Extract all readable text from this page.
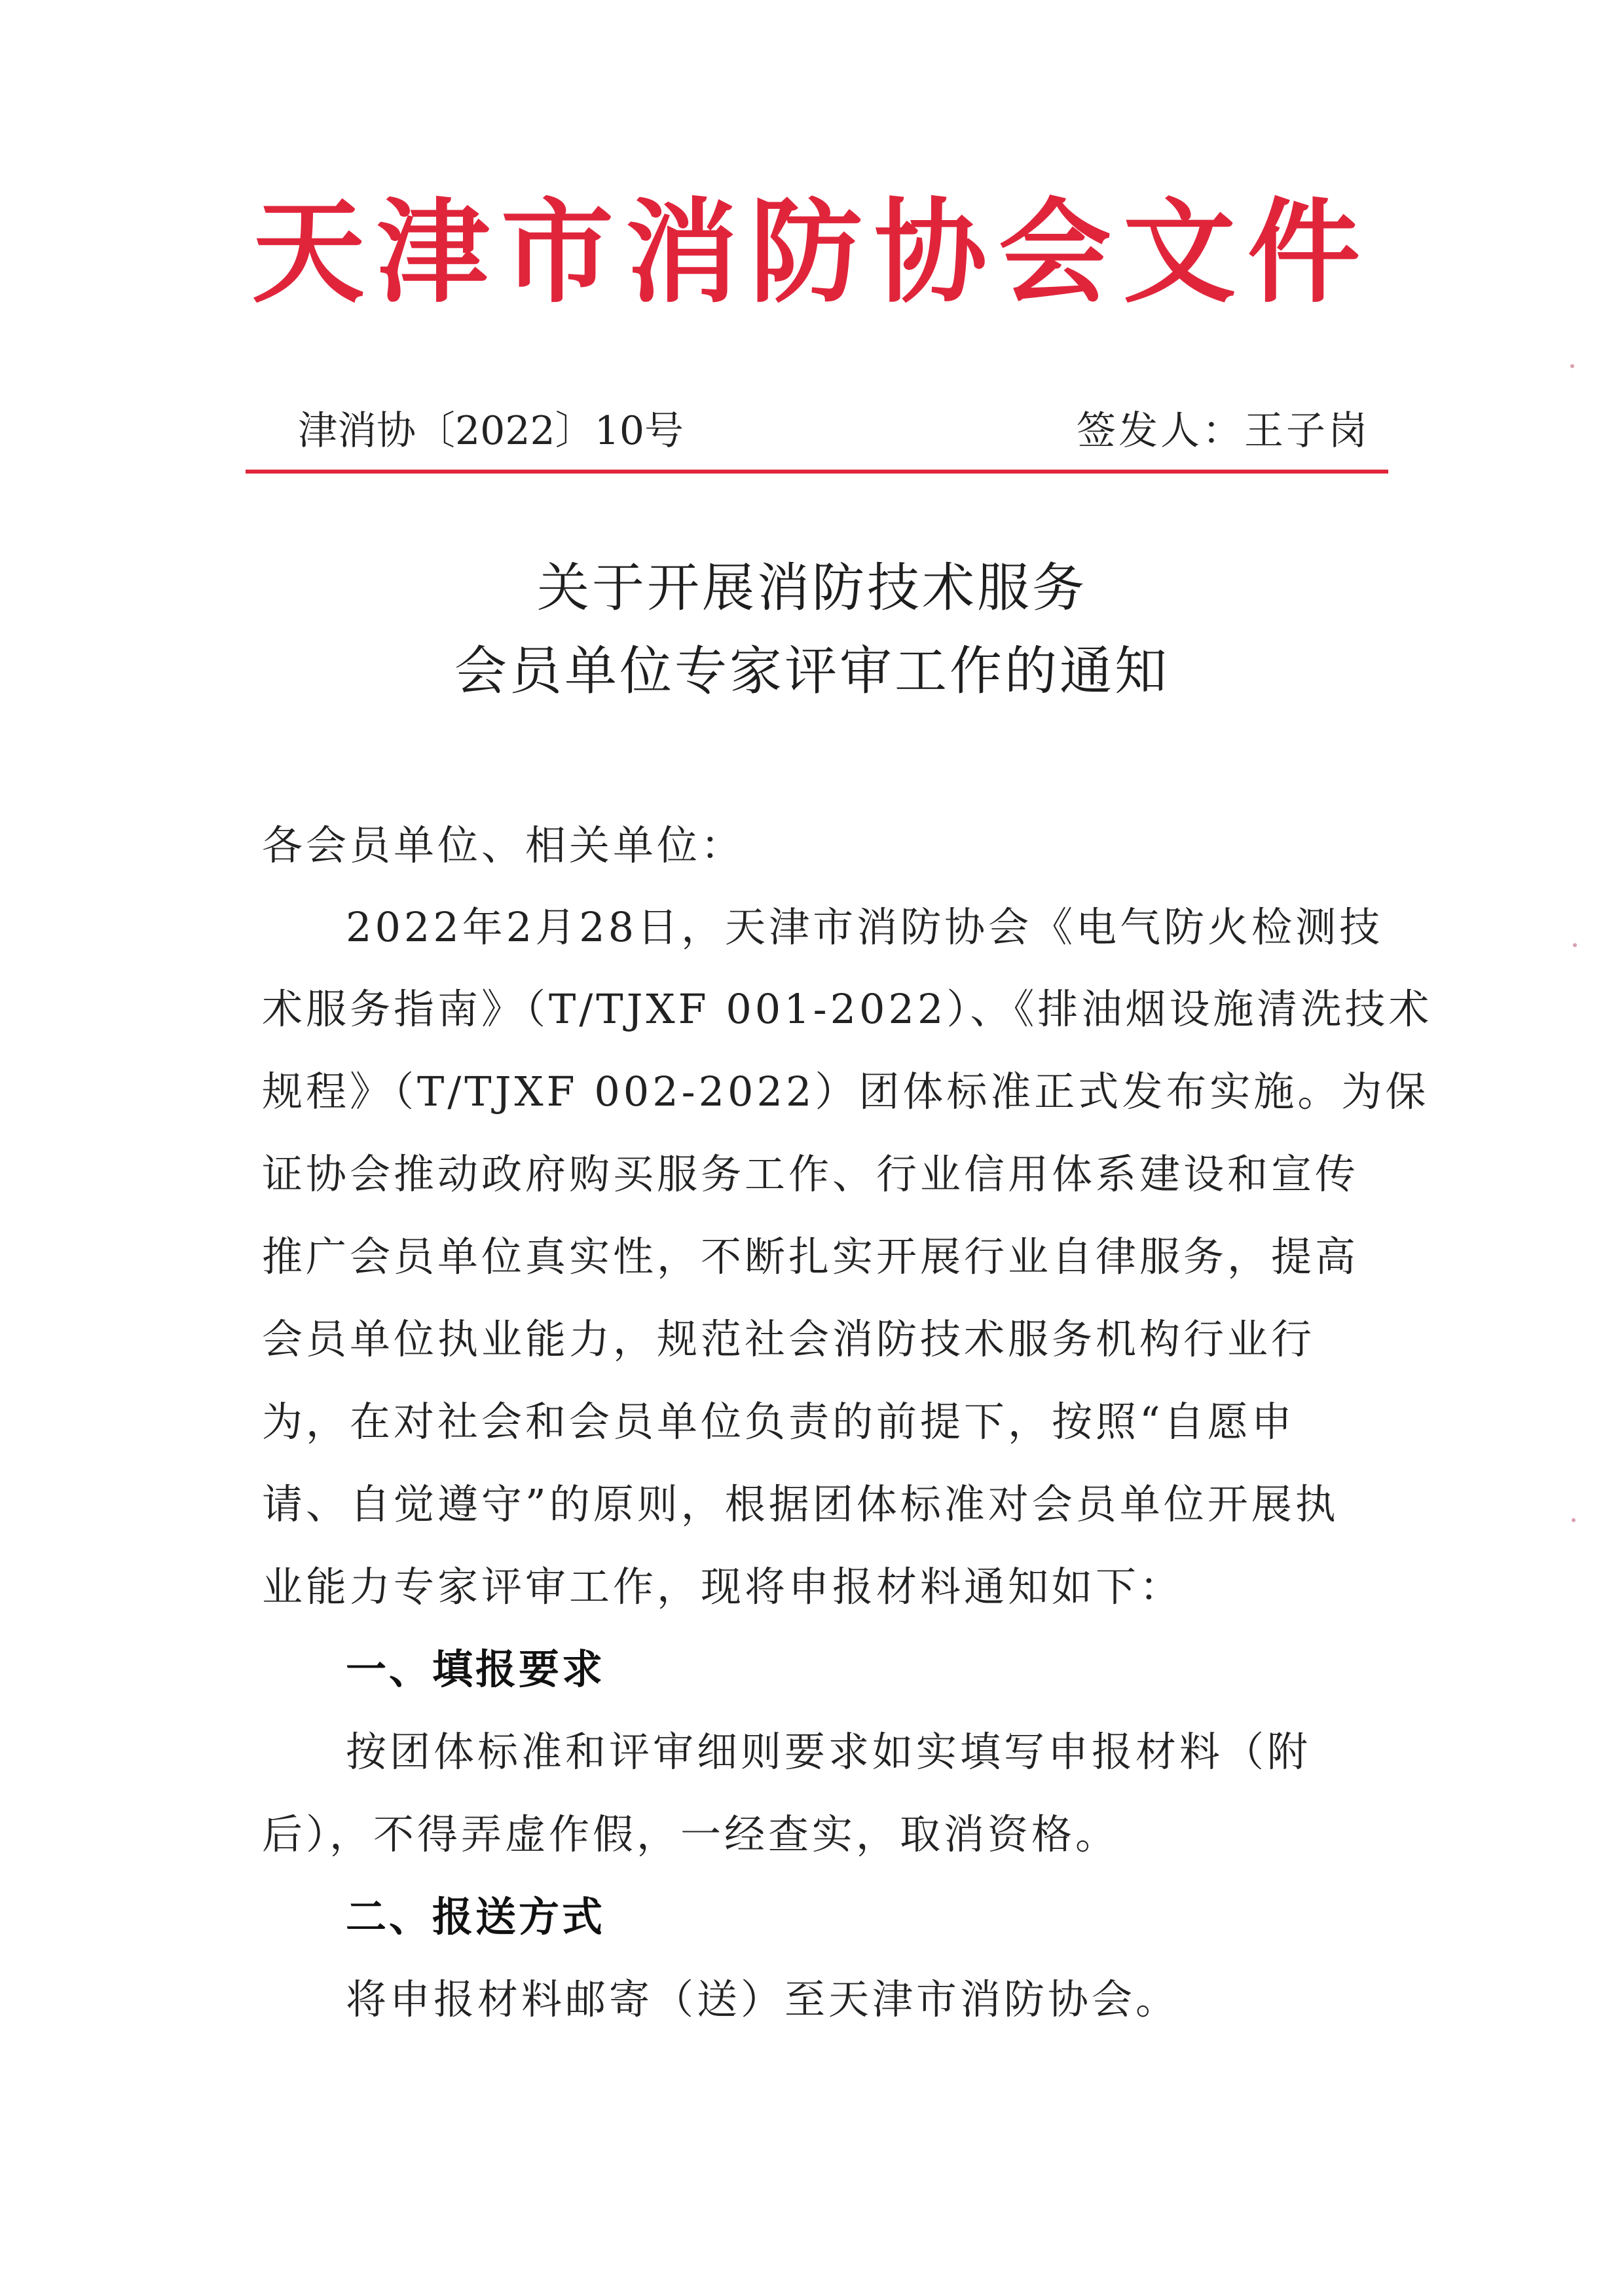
天津市消防协会文件
津消协〔2022〕10号	签发人：王子岗
关于开展消防技术服务
会员单位专家评审工作的通知
各会员单位、相关单位：
2022年2月28日，天津市消防协会《电气防火检测技
术服务指南》（T/TJXF 001-2022）、《排油烟设施清洗技术
规程》（T/TJXF 002-2022）团体标准正式发布实施。为保
证协会推动政府购买服务工作、行业信用体系建设和宣传
推广会员单位真实性，不断扎实开展行业自律服务，提高
会员单位执业能力，规范社会消防技术服务机构行业行
为，在对社会和会员单位负责的前提下，按照“自愿申
请、自觉遵守”的原则，根据团体标准对会员单位开展执
业能力专家评审工作，现将申报材料通知如下：
一、填报要求
按团体标准和评审细则要求如实填写申报材料（附
后），不得弄虚作假，一经查实，取消资格。
二、报送方式
将申报材料邮寄（送）至天津市消防协会。
